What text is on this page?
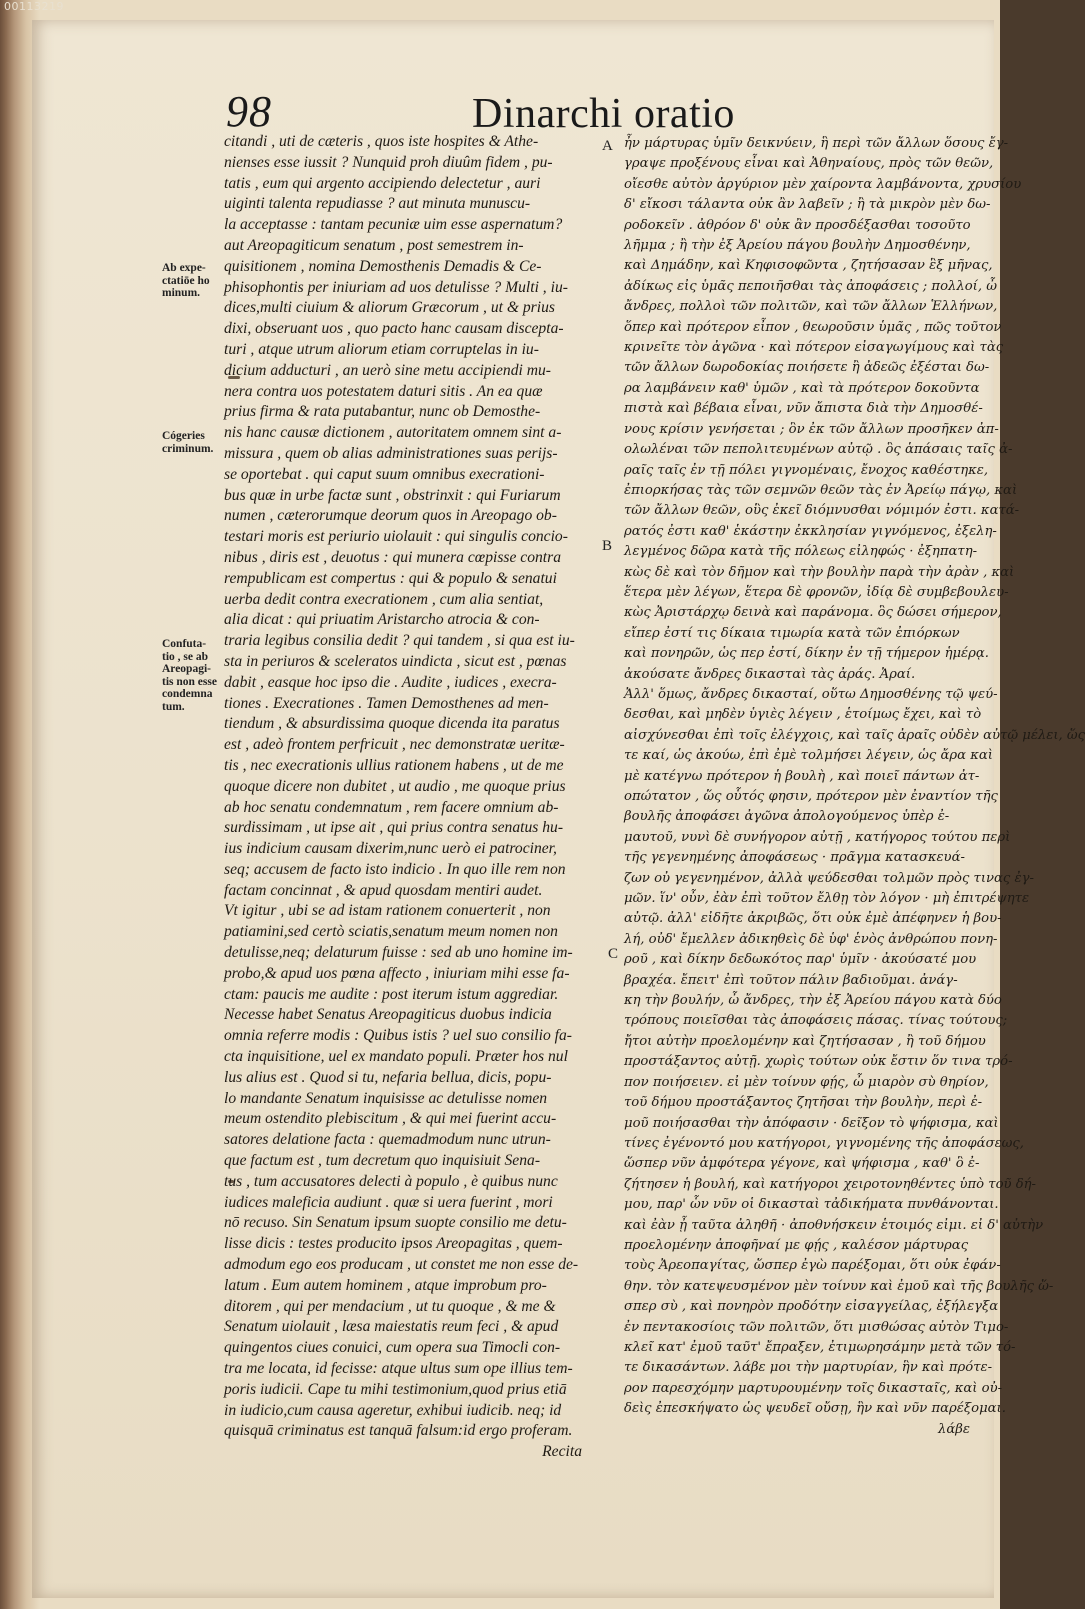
00113219
98	Dinarchi oratio
Ab expe-
ctatiōe ho
minum.
Cógeries
criminum.
Confuta-
tio , se ab
Areopagi-
tis non esse
condemna
tum.
A
B
C
citandi , uti de cæteris , quos iste hospites & Athe-
nienses esse iussit ? Nunquid proh diuûm fidem , pu-
tatis , eum qui argento accipiendo delectetur , auri
uiginti talenta repudiasse ? aut minuta munuscu-
la acceptasse : tantam pecuniæ uim esse aspernatum?
aut Areopagiticum senatum , post semestrem in-
quisitionem , nomina Demosthenis Demadis & Ce-
phisophontis per iniuriam ad uos detulisse ? Multi , iu-
dices,multi ciuium & aliorum Græcorum , ut & prius
dixi, obseruant uos , quo pacto hanc causam discepta-
turi , atque utrum aliorum etiam corruptelas in iu-
dicium adducturi , an uerò sine metu accipiendi mu-
nera contra uos potestatem daturi sitis . An ea quæ
prius firma & rata putabantur, nunc ob Demosthe-
nis hanc causæ dictionem , autoritatem omnem sint a-
missura , quem ob alias administrationes suas perijs-
se oportebat . qui caput suum omnibus execrationi-
bus quæ in urbe factæ sunt , obstrinxit : qui Furiarum
numen , cæterorumque deorum quos in Areopago ob-
testari moris est periurio uiolauit : qui singulis concio-
nibus , diris est , deuotus : qui munera cœpisse contra
rempublicam est compertus : qui & populo & senatui
uerba dedit contra execrationem , cum alia sentiat,
alia dicat : qui priuatim Aristarcho atrocia & con-
traria legibus consilia dedit ? qui tandem , si qua est iu-
sta in periuros & sceleratos uindicta , sicut est , pœnas
dabit , easque hoc ipso die . Audite , iudices , execra-
tiones . Execrationes . Tamen Demosthenes ad men-
tiendum , & absurdissima quoque dicenda ita paratus
est , adeò frontem perfricuit , nec demonstratæ ueritæ-
tis , nec execrationis ullius rationem habens , ut de me
quoque dicere non dubitet , ut audio , me quoque prius
ab hoc senatu condemnatum , rem facere omnium ab-
surdissimam , ut ipse ait , qui prius contra senatus hu-
ius indicium causam dixerim,nunc uerò ei patrociner,
seq; accusem de facto isto indicio . In quo ille rem non
factam concinnat , & apud quosdam mentiri audet.
Vt igitur , ubi se ad istam rationem conuerterit , non
patiamini,sed certò sciatis,senatum meum nomen non
detulisse,neq; delaturum fuisse : sed ab uno homine im-
probo,& apud uos pœna affecto , iniuriam mihi esse fa-
ctam: paucis me audite : post iterum istum aggrediar.
Necesse habet Senatus Areopagiticus duobus indicia
omnia referre modis : Quibus istis ? uel suo consilio fa-
cta inquisitione, uel ex mandato populi. Præter hos nul
lus alius est . Quod si tu, nefaria bellua, dicis, popu-
lo mandante Senatum inquisisse ac detulisse nomen
meum ostendito plebiscitum , & qui mei fuerint accu-
satores delatione facta : quemadmodum nunc utrun-
que factum est , tum decretum quo inquisiuit Sena-
tus , tum accusatores delecti à populo , è quibus nunc
iudices maleficia audiunt . quæ si uera fuerint , mori
nō recuso. Sin Senatum ipsum suopte consilio me detu-
lisse dicis : testes producito ipsos Areopagitas , quem-
admodum ego eos producam , ut constet me non esse de-
latum . Eum autem hominem , atque improbum pro-
ditorem , qui per mendacium , ut tu quoque , & me &
Senatum uiolauit , læsa maiestatis reum feci , & apud
quingentos ciues conuici, cum opera sua Timocli con-
tra me locata, id fecisse: atque ultus sum ope illius tem-
poris iudicii. Cape tu mihi testimonium,quod prius etiā
in iudicio,cum causa ageretur, exhibui iudicib. neq; id
quisquā criminatus est tanquā falsum:id ergo proferam.
Recita
ἦν μάρτυρας ὑμῖν δεικνύειν, ἣ περὶ τῶν ἄλλων ὅσους ἔγ-
γραψε προξένους εἶναι καὶ Ἀθηναίους, πρὸς τῶν θεῶν,
οἴεσθε αὐτὸν ἀργύριον μὲν χαίροντα λαμβάνοντα, χρυσίου
δ' εἴκοσι τάλαντα οὐκ ἂν λαβεῖν ; ἢ τὰ μικρὸν μὲν δω-
ροδοκεῖν . ἀθρόον δ' οὐκ ἂν προσδέξασθαι τοσοῦτο
λῆμμα ; ἢ τὴν ἐξ Ἀρείου πάγου βουλὴν Δημοσθένην,
καὶ Δημάδην, καὶ Κηφισοφῶντα , ζητήσασαν ἓξ μῆνας,
ἀδίκως εἰς ὑμᾶς πεποιῆσθαι τὰς ἀποφάσεις ; πολλοί, ὦ
ἄνδρες, πολλοὶ τῶν πολιτῶν, καὶ τῶν ἄλλων Ἑλλήνων,
ὅπερ καὶ πρότερον εἶπον , θεωροῦσιν ὑμᾶς , πῶς τοῦτον
κρινεῖτε τὸν ἀγῶνα · καὶ πότερον εἰσαγωγίμους καὶ τὰς
τῶν ἄλλων δωροδοκίας ποιήσετε ἢ ἀδεῶς ἐξέσται δω-
ρα λαμβάνειν καθ' ὑμῶν , καὶ τὰ πρότερον δοκοῦντα
πιστὰ καὶ βέβαια εἶναι, νῦν ἄπιστα διὰ τὴν Δημοσθέ-
νους κρίσιν γενήσεται ; ὃν ἐκ τῶν ἄλλων προσῆκεν ἀπ-
ολωλέναι τῶν πεπολιτευμένων αὐτῷ . ὃς ἁπάσαις ταῖς ἀ-
ραῖς ταῖς ἐν τῇ πόλει γιγνομέναις, ἔνοχος καθέστηκε,
ἐπιορκήσας τὰς τῶν σεμνῶν θεῶν τὰς ἐν Ἀρείῳ πάγῳ, καὶ
τῶν ἄλλων θεῶν, οὓς ἐκεῖ διόμνυσθαι νόμιμόν ἐστι. κατά-
ρατός ἐστι καθ' ἑκάστην ἐκκλησίαν γιγνόμενος, ἐξελη-
λεγμένος δῶρα κατὰ τῆς πόλεως εἰληφώς · ἐξηπατη-
κὼς δὲ καὶ τὸν δῆμον καὶ τὴν βουλὴν παρὰ τὴν ἀρὰν , καὶ
ἕτερα μὲν λέγων, ἕτερα δὲ φρονῶν, ἰδίᾳ δὲ συμβεβουλευ-
κὼς Ἀριστάρχῳ δεινὰ καὶ παράνομα. ὃς δώσει σήμερον,
εἴπερ ἐστί τις δίκαια τιμωρία κατὰ τῶν ἐπιόρκων
καὶ πονηρῶν, ὡς περ ἐστί, δίκην ἐν τῇ τήμερον ἡμέρᾳ.
ἀκούσατε ἄνδρες δικασταὶ τὰς ἀράς. Ἀραί.
Ἀλλ' ὅμως, ἄνδρες δικασταί, οὕτω Δημοσθένης τῷ ψεύ-
δεσθαι, καὶ μηδὲν ὑγιὲς λέγειν , ἑτοίμως ἔχει, καὶ τὸ
αἰσχύνεσθαι ἐπὶ τοῖς ἐλέγχοις, καὶ ταῖς ἀραῖς οὐδὲν αὐτῷ μέλει, ὥς
τε καί, ὡς ἀκούω, ἐπὶ ἐμὲ τολμήσει λέγειν, ὡς ἄρα καὶ
μὲ κατέγνω πρότερον ἡ βουλὴ , καὶ ποιεῖ πάντων ἀτ-
οπώτατον , ὥς οὗτός φησιν, πρότερον μὲν ἐναντίον τῆς
βουλῆς ἀποφάσει ἀγῶνα ἀπολογούμενος ὑπὲρ ἐ-
μαυτοῦ, νυνὶ δὲ συνήγορον αὐτῇ , κατήγορος τούτου περὶ
τῆς γεγενημένης ἀποφάσεως · πρᾶγμα κατασκευά-
ζων οὐ γεγενημένον, ἀλλὰ ψεύδεσθαι τολμῶν πρὸς τινας ἐγ-
μῶν. ἵν' οὖν, ἐὰν ἐπὶ τοῦτον ἔλθῃ τὸν λόγον · μὴ ἐπιτρέψητε
αὐτῷ. ἀλλ' εἰδῆτε ἀκριβῶς, ὅτι οὐκ ἐμὲ ἀπέφηνεν ἡ βου-
λή, οὐδ' ἔμελλεν ἀδικηθεὶς δὲ ὑφ' ἑνὸς ἀνθρώπου πονη-
ροῦ , καὶ δίκην δεδωκότος παρ' ὑμῖν · ἀκούσατέ μου
βραχέα. ἔπειτ' ἐπὶ τοῦτον πάλιν βαδιοῦμαι. ἀνάγ-
κη τὴν βουλήν, ὦ ἄνδρες, τὴν ἐξ Ἀρείου πάγου κατὰ δύο
τρόπους ποιεῖσθαι τὰς ἀποφάσεις πάσας. τίνας τούτους;
ἤτοι αὐτὴν προελομένην καὶ ζητήσασαν , ἢ τοῦ δήμου
προστάξαντος αὐτῇ. χωρὶς τούτων οὐκ ἔστιν ὅν τινα τρό-
πον ποιήσειεν. εἰ μὲν τοίνυν φῄς, ὦ μιαρὸν σὺ θηρίον,
τοῦ δήμου προστάξαντος ζητῆσαι τὴν βουλὴν, περὶ ἐ-
μοῦ ποιήσασθαι τὴν ἀπόφασιν · δεῖξον τὸ ψήφισμα, καὶ
τίνες ἐγένοντό μου κατήγοροι, γιγνομένης τῆς ἀποφάσεως,
ὥσπερ νῦν ἀμφότερα γέγονε, καὶ ψήφισμα , καθ' ὃ ἐ-
ζήτησεν ἡ βουλή, καὶ κατήγοροι χειροτονηθέντες ὑπὸ τοῦ δή-
μου, παρ' ὧν νῦν οἱ δικασταὶ τἀδικήματα πυνθάνονται.
καὶ ἐὰν ᾖ ταῦτα ἀληθῆ · ἀποθνήσκειν ἑτοιμός εἰμι. εἰ δ' αὐτὴν
προελομένην ἀποφῆναί με φῄς , καλέσον μάρτυρας
τοὺς Ἀρεοπαγίτας, ὥσπερ ἐγὼ παρέξομαι, ὅτι οὐκ ἐφάν-
θην. τὸν κατεψευσμένον μὲν τοίνυν καὶ ἐμοῦ καὶ τῆς βουλῆς ὥ-
σπερ σὺ , καὶ πονηρὸν προδότην εἰσαγγείλας, ἐξήλεγξα
ἐν πεντακοσίοις τῶν πολιτῶν, ὅτι μισθώσας αὐτὸν Τιμο-
κλεῖ κατ' ἐμοῦ ταῦτ' ἔπραξεν, ἐτιμωρησάμην μετὰ τῶν τό-
τε δικασάντων. λάβε μοι τὴν μαρτυρίαν, ἣν καὶ πρότε-
ρον παρεσχόμην μαρτυρουμένην τοῖς δικασταῖς, καὶ οὐ-
δεὶς ἐπεσκήψατο ὡς ψευδεῖ οὔσῃ, ἣν καὶ νῦν παρέξομαι.
λάβε
